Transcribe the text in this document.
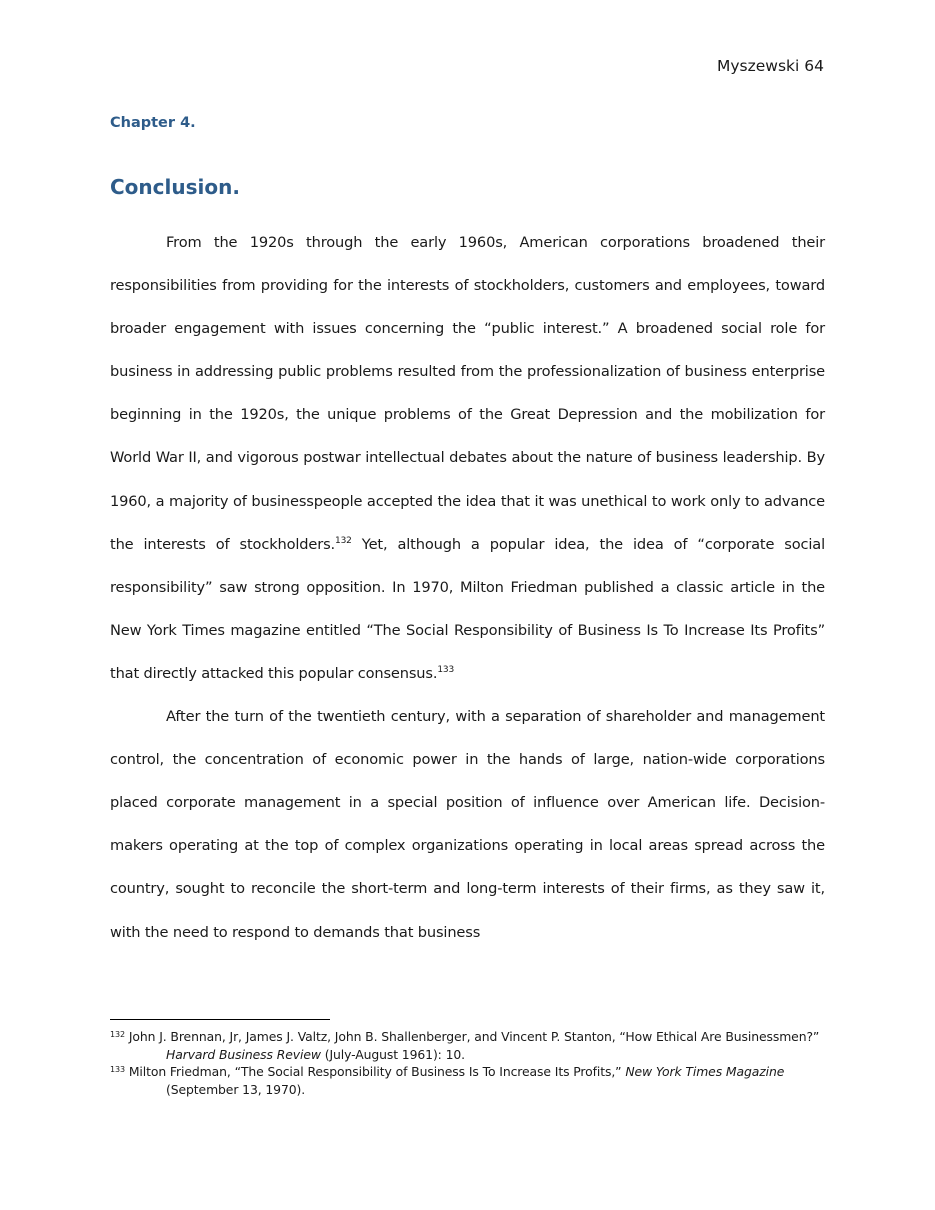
Myszewski 64
Chapter 4.
Conclusion.

From the 1920s through the early 1960s, American corporations broadened their responsibilities from providing for the interests of stockholders, customers and employees, toward broader engagement with issues concerning the “public interest.” A broadened social role for business in addressing public problems resulted from the professionalization of business enterprise beginning in the 1920s, the unique problems of the Great Depression and the mobilization for World War II, and vigorous postwar intellectual debates about the nature of business leadership. By 1960, a majority of businesspeople accepted the idea that it was unethical to work only to advance the interests of stockholders.$^{132}$ Yet, although a popular idea, the idea of “corporate social responsibility” saw strong opposition. In 1970, Milton Friedman published a classic article in the New York Times magazine entitled “The Social Responsibility of Business Is To Increase Its Profits” that directly attacked this popular consensus.$^{133}$

After the turn of the twentieth century, with a separation of shareholder and management control, the concentration of economic power in the hands of large, nation-wide corporations placed corporate management in a special position of influence over American life. Decision-makers operating at the top of complex organizations operating in local areas spread across the country, sought to reconcile the short-term and long-term interests of their firms, as they saw it, with the need to respond to demands that business

$^{132}$ John J. Brennan, Jr, James J. Valtz, John B. Shallenberger, and Vincent P. Stanton, “How Ethical Are Businessmen?” Harvard Business Review (July-August 1961): 10.

$^{133}$ Milton Friedman, “The Social Responsibility of Business Is To Increase Its Profits,” New York Times Magazine (September 13, 1970).
